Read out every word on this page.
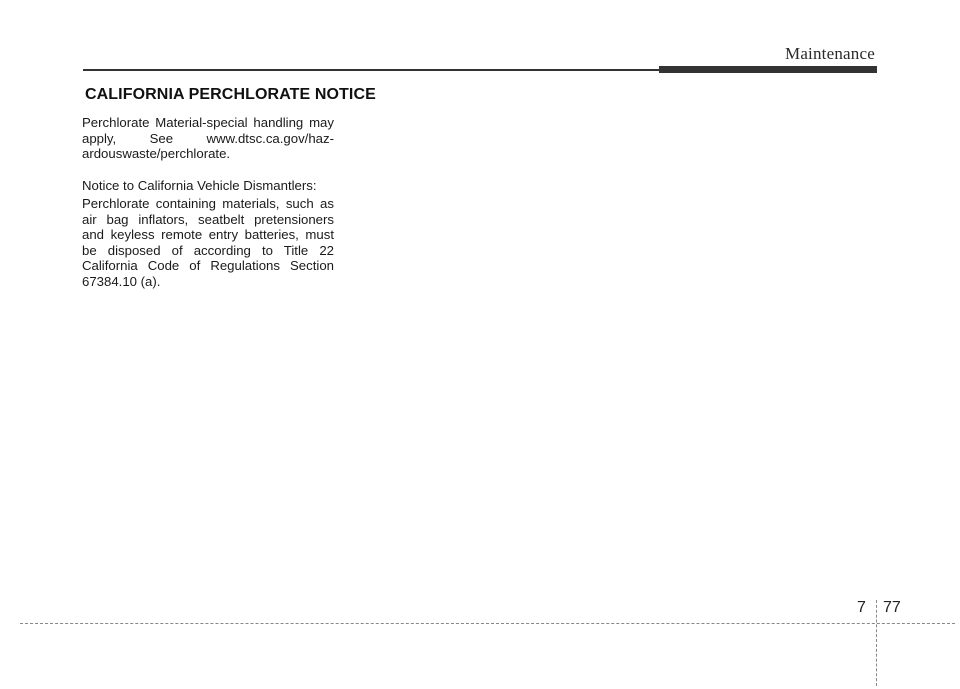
Maintenance
CALIFORNIA PERCHLORATE NOTICE

Perchlorate Material-special handling may apply, See www.dtsc.ca.gov/haz-ardouswaste/perchlorate.

Notice to California Vehicle Dismantlers:

Perchlorate containing materials, such as air bag inflators, seatbelt pretensioners and keyless remote entry batteries, must be disposed of according to Title 22 California Code of Regulations Section 67384.10 (a).

7 77
